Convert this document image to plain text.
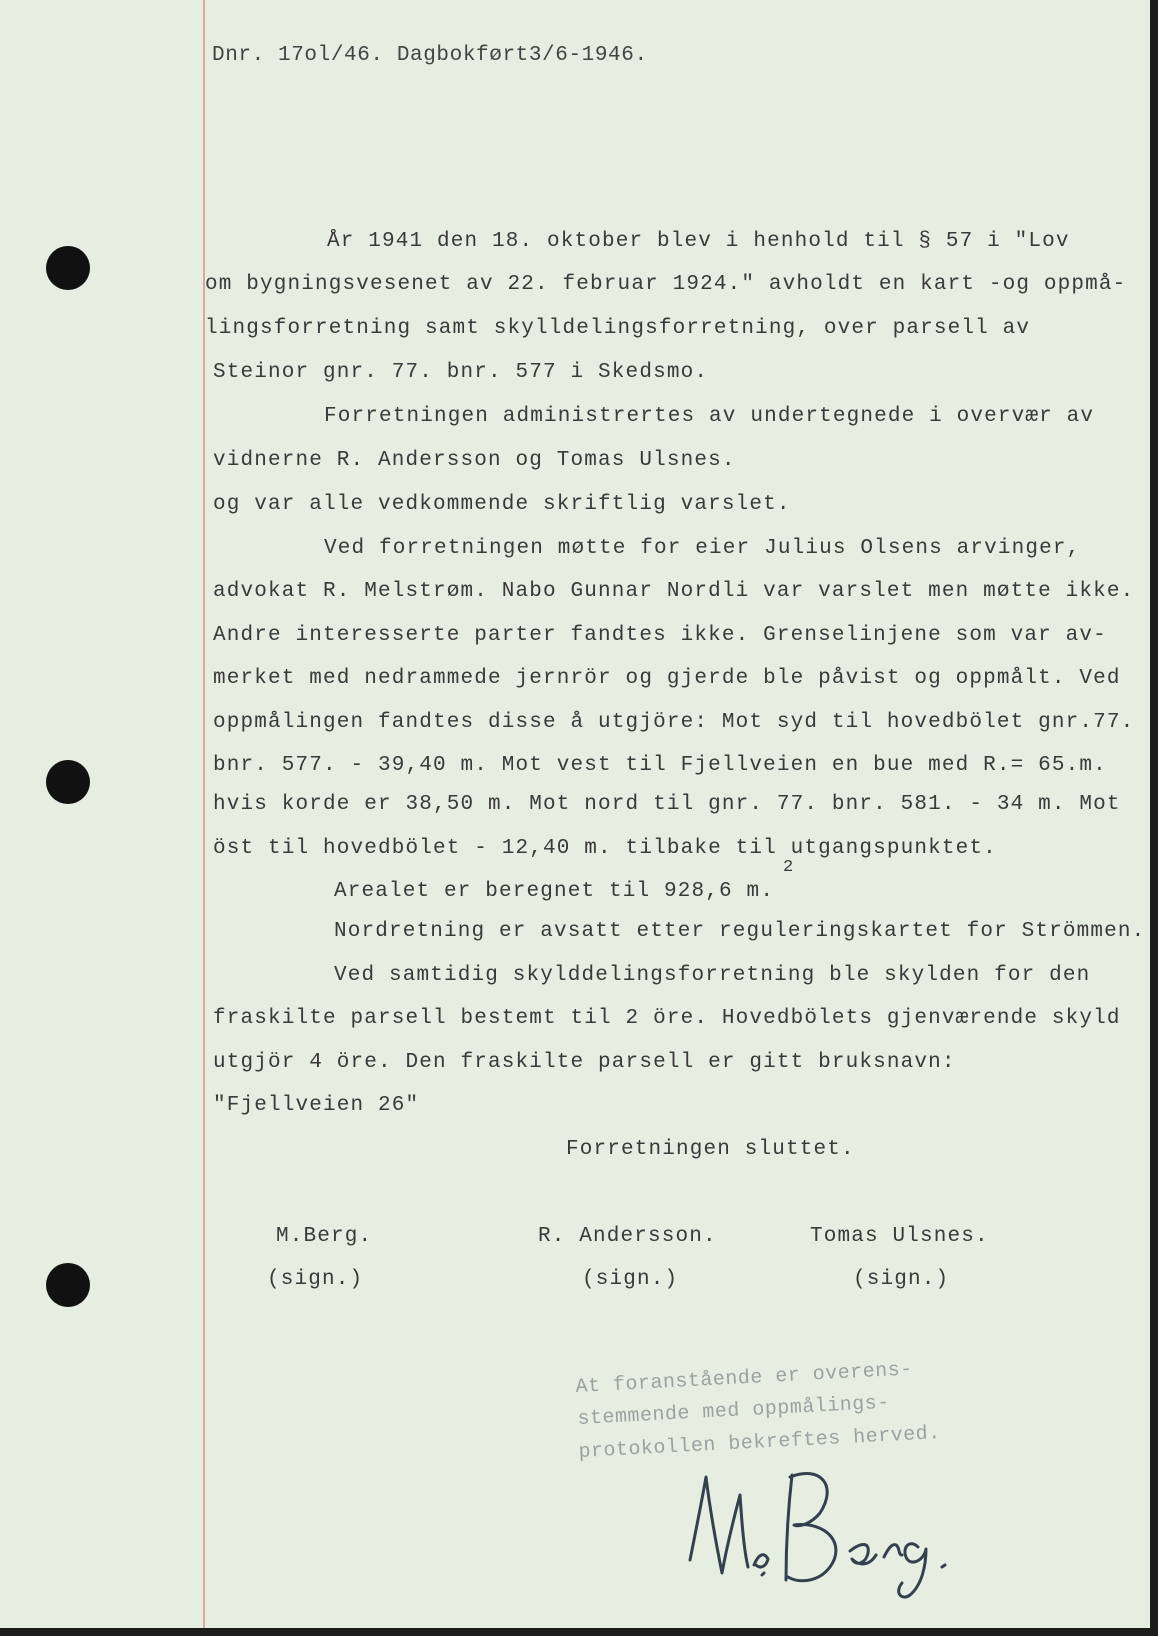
Dnr. 17ol/46. Dagbokført3/6-1946.
År 1941 den 18. oktober blev i henhold til § 57 i "Lov
om bygningsvesenet av 22. februar 1924." avholdt en kart -og oppmå-
lingsforretning samt skylldelingsforretning, over parsell av
Steinor gnr. 77. bnr. 577 i Skedsmo.
Forretningen administrertes av undertegnede i overvær av
vidnerne R. Andersson og Tomas Ulsnes.
og var alle vedkommende skriftlig varslet.
Ved forretningen møtte for eier Julius Olsens arvinger,
advokat R. Melstrøm. Nabo Gunnar Nordli var varslet men møtte ikke.
Andre interesserte parter fandtes ikke. Grenselinjene som var av-
merket med nedrammede jernrör og gjerde ble påvist og oppmålt. Ved
oppmålingen fandtes disse å utgjöre: Mot syd til hovedbölet gnr.77.
bnr. 577. - 39,40 m. Mot vest til Fjellveien en bue med R.= 65.m.
hvis korde er 38,50 m. Mot nord til gnr. 77. bnr. 581. - 34 m. Mot
öst til hovedbölet - 12,40 m. tilbake til utgangspunktet.
Arealet er beregnet til 928,6 m.
2
Nordretning er avsatt etter reguleringskartet for Strömmen.
Ved samtidig skylddelingsforretning ble skylden for den
fraskilte parsell bestemt til 2 öre. Hovedbölets gjenværende skyld
utgjör 4 öre. Den fraskilte parsell er gitt bruksnavn:
"Fjellveien 26"
Forretningen sluttet.
M.Berg.
(sign.)
R. Andersson.
(sign.)
Tomas Ulsnes.
(sign.)
At foranstående er overens-
stemmende med oppmålings-
protokollen bekreftes herved.
